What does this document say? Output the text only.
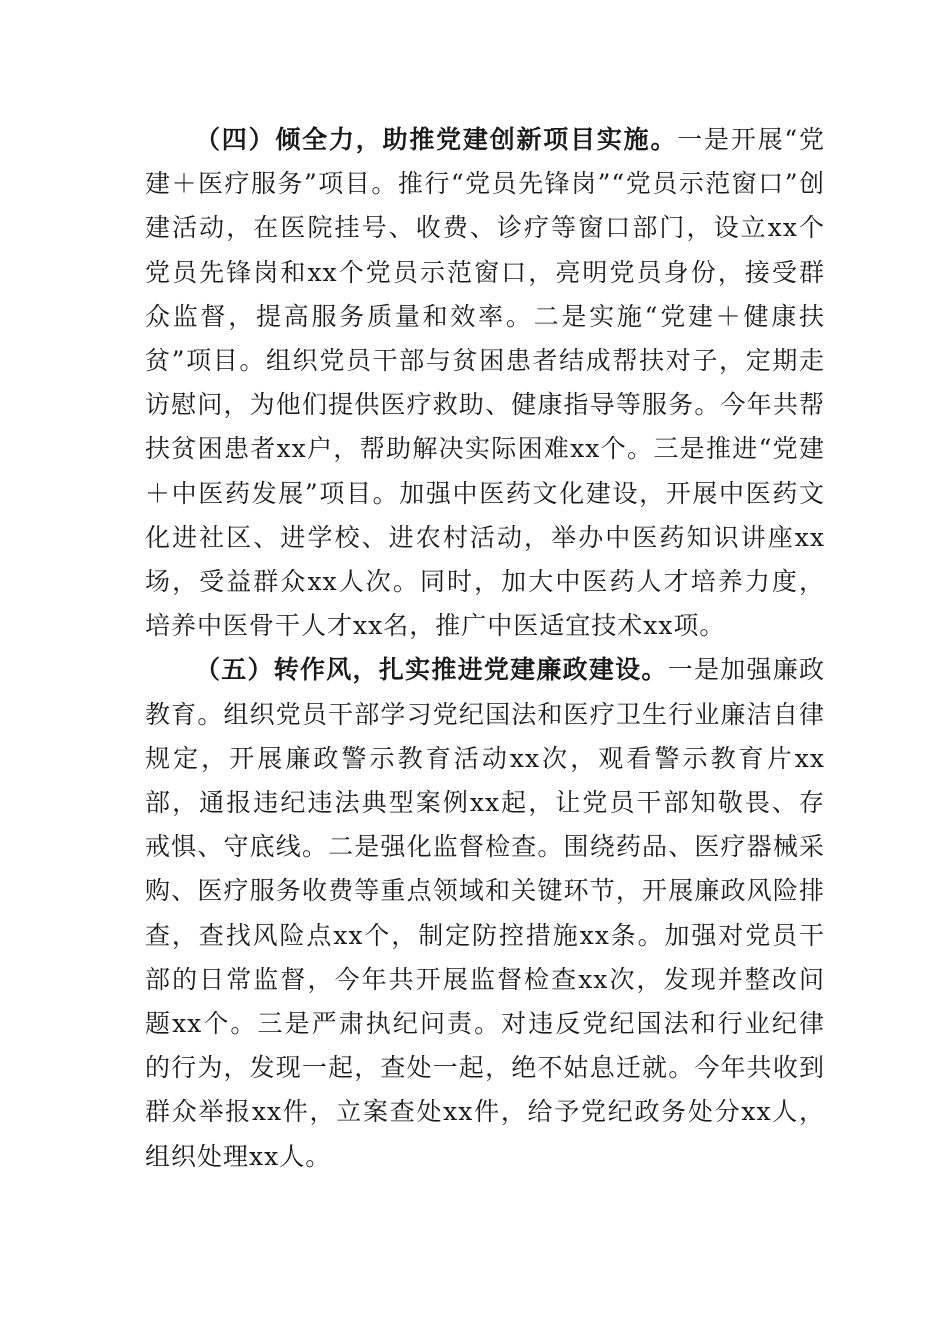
（四）倾全力，助推党建创新项目实施。一是开展“党建＋医疗服务”项目。推行“党员先锋岗”“党员示范窗口”创建活动，在医院挂号、收费、诊疗等窗口部门，设立xx个党员先锋岗和xx个党员示范窗口，亮明党员身份，接受群众监督，提高服务质量和效率。二是实施“党建＋健康扶贫”项目。组织党员干部与贫困患者结成帮扶对子，定期走访慰问，为他们提供医疗救助、健康指导等服务。今年共帮扶贫困患者xx户，帮助解决实际困难xx个。三是推进“党建＋中医药发展”项目。加强中医药文化建设，开展中医药文化进社区、进学校、进农村活动，举办中医药知识讲座xx场，受益群众xx人次。同时，加大中医药人才培养力度，培养中医骨干人才xx名，推广中医适宜技术xx项。

（五）转作风，扎实推进党建廉政建设。一是加强廉政教育。组织党员干部学习党纪国法和医疗卫生行业廉洁自律规定，开展廉政警示教育活动xx次，观看警示教育片xx部，通报违纪违法典型案例xx起，让党员干部知敬畏、存戒惧、守底线。二是强化监督检查。围绕药品、医疗器械采购、医疗服务收费等重点领域和关键环节，开展廉政风险排查，查找风险点xx个，制定防控措施xx条。加强对党员干部的日常监督，今年共开展监督检查xx次，发现并整改问题xx个。三是严肃执纪问责。对违反党纪国法和行业纪律的行为，发现一起，查处一起，绝不姑息迁就。今年共收到群众举报xx件，立案查处xx件，给予党纪政务处分xx人，组织处理xx人。
